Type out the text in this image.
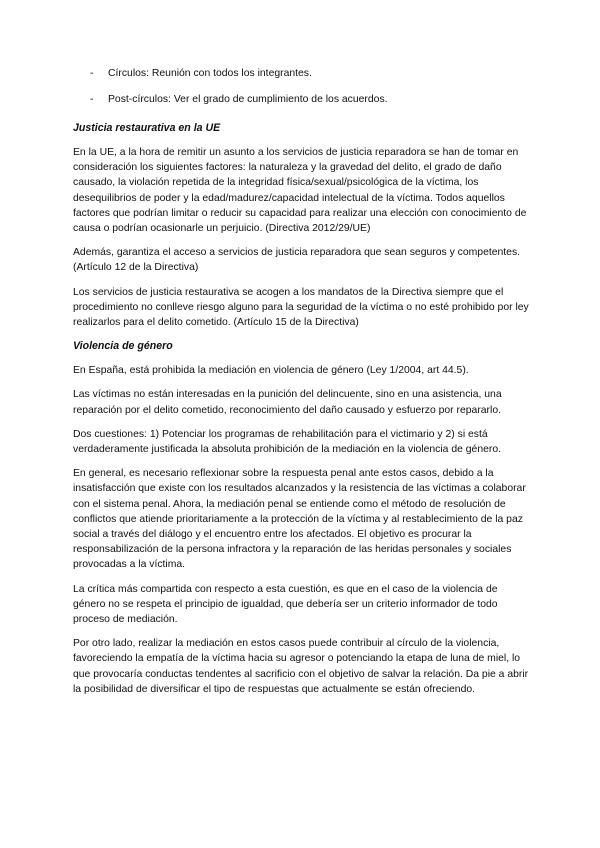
-	Círculos: Reunión con todos los integrantes.
-	Post-círculos: Ver el grado de cumplimiento de los acuerdos.
Justicia restaurativa en la UE

En la UE, a la hora de remitir un asunto a los servicios de justicia reparadora se han de tomar en consideración los siguientes factores: la naturaleza y la gravedad del delito, el grado de daño causado, la violación repetida de la integridad física/sexual/psicológica de la víctima, los desequilibrios de poder y la edad/madurez/capacidad intelectual de la víctima. Todos aquellos factores que podrían limitar o reducir su capacidad para realizar una elección con conocimiento de causa o podrían ocasionarle un perjuicio. (Directiva 2012/29/UE)

Además, garantiza el acceso a servicios de justicia reparadora que sean seguros y competentes. (Artículo 12 de la Directiva)

Los servicios de justicia restaurativa se acogen a los mandatos de la Directiva siempre que el procedimiento no conlleve riesgo alguno para la seguridad de la víctima o no esté prohibido por ley realizarlos para el delito cometido. (Artículo 15 de la Directiva)

Violencia de género

En España, está prohibida la mediación en violencia de género (Ley 1/2004, art 44.5).

Las víctimas no están interesadas en la punición del delincuente, sino en una asistencia, una reparación por el delito cometido, reconocimiento del daño causado y esfuerzo por repararlo.

Dos cuestiones: 1) Potenciar los programas de rehabilitación para el victimario y 2) si está verdaderamente justificada la absoluta prohibición de la mediación en la violencia de género.

En general, es necesario reflexionar sobre la respuesta penal ante estos casos, debido a la insatisfacción que existe con los resultados alcanzados y la resistencia de las víctimas a colaborar con el sistema penal. Ahora, la mediación penal se entiende como el método de resolución de conflictos que atiende prioritariamente a la protección de la víctima y al restablecimiento de la paz social a través del diálogo y el encuentro entre los afectados. El objetivo es procurar la responsabilización de la persona infractora y la reparación de las heridas personales y sociales provocadas a la víctima.

La crítica más compartida con respecto a esta cuestión, es que en el caso de la violencia de género no se respeta el principio de igualdad, que debería ser un criterio informador de todo proceso de mediación.

Por otro lado, realizar la mediación en estos casos puede contribuir al círculo de la violencia, favoreciendo la empatía de la víctima hacia su agresor o potenciando la etapa de luna de miel, lo que provocaría conductas tendentes al sacrificio con el objetivo de salvar la relación. Da pie a abrir la posibilidad de diversificar el tipo de respuestas que actualmente se están ofreciendo.
